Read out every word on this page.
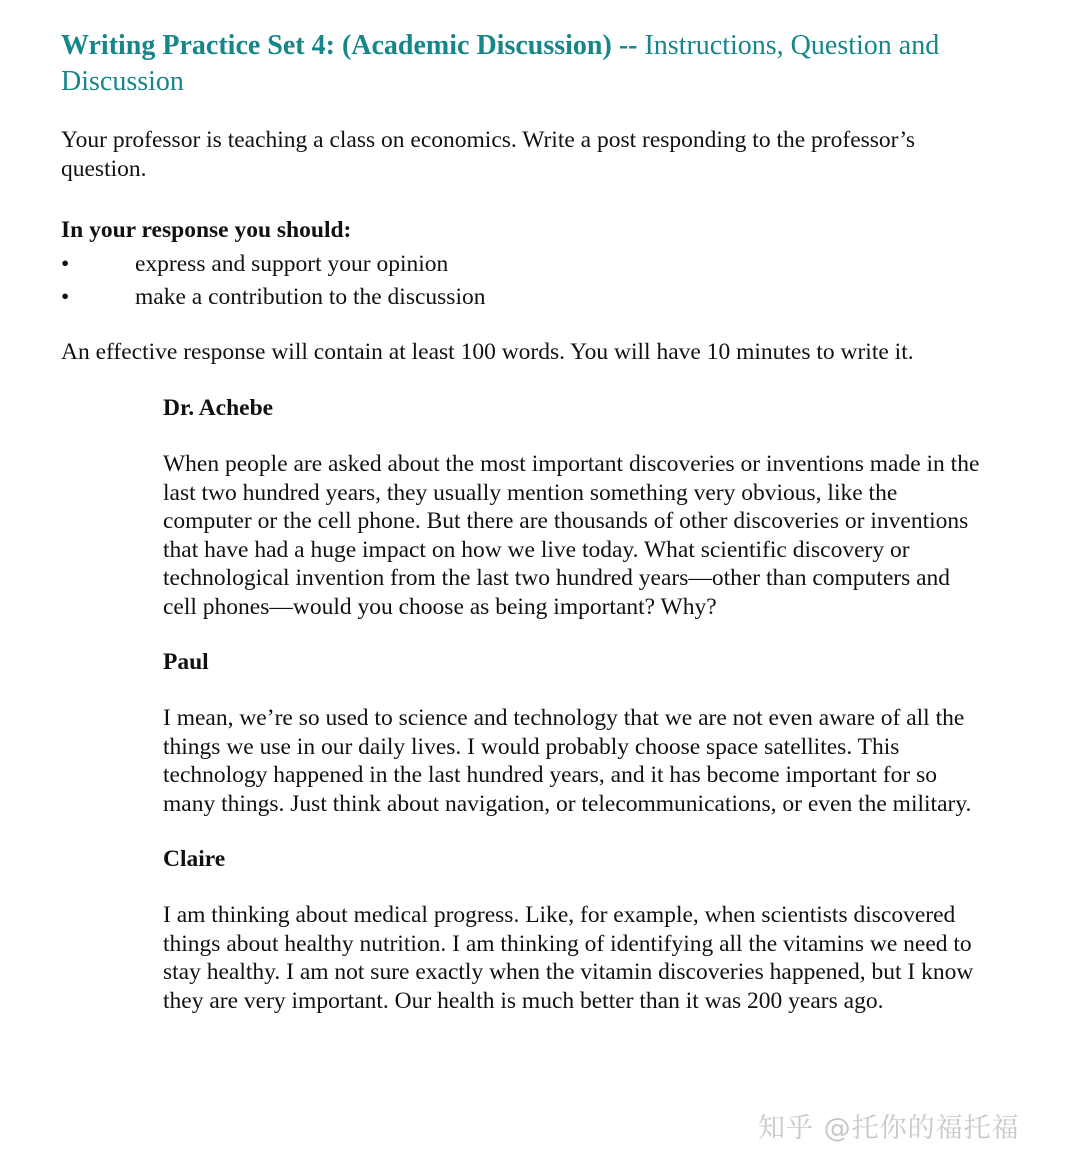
Writing Practice Set 4: (Academic Discussion) -- Instructions, Question and Discussion

Your professor is teaching a class on economics. Write a post responding to the professor’s question.

In your response you should:

•	express and support your opinion
•	make a contribution to the discussion

An effective response will contain at least 100 words. You will have 10 minutes to write it.

Dr. Achebe

When people are asked about the most important discoveries or inventions made in the last two hundred years, they usually mention something very obvious, like the computer or the cell phone. But there are thousands of other discoveries or inventions that have had a huge impact on how we live today. What scientific discovery or technological invention from the last two hundred years—other than computers and cell phones—would you choose as being important? Why?

Paul

I mean, we’re so used to science and technology that we are not even aware of all the things we use in our daily lives. I would probably choose space satellites. This technology happened in the last hundred years, and it has become important for so many things. Just think about navigation, or telecommunications, or even the military.

Claire

I am thinking about medical progress. Like, for example, when scientists discovered things about healthy nutrition. I am thinking of identifying all the vitamins we need to stay healthy. I am not sure exactly when the vitamin discoveries happened, but I know they are very important. Our health is much better than it was 200 years ago.

知乎 @托你的福托福
